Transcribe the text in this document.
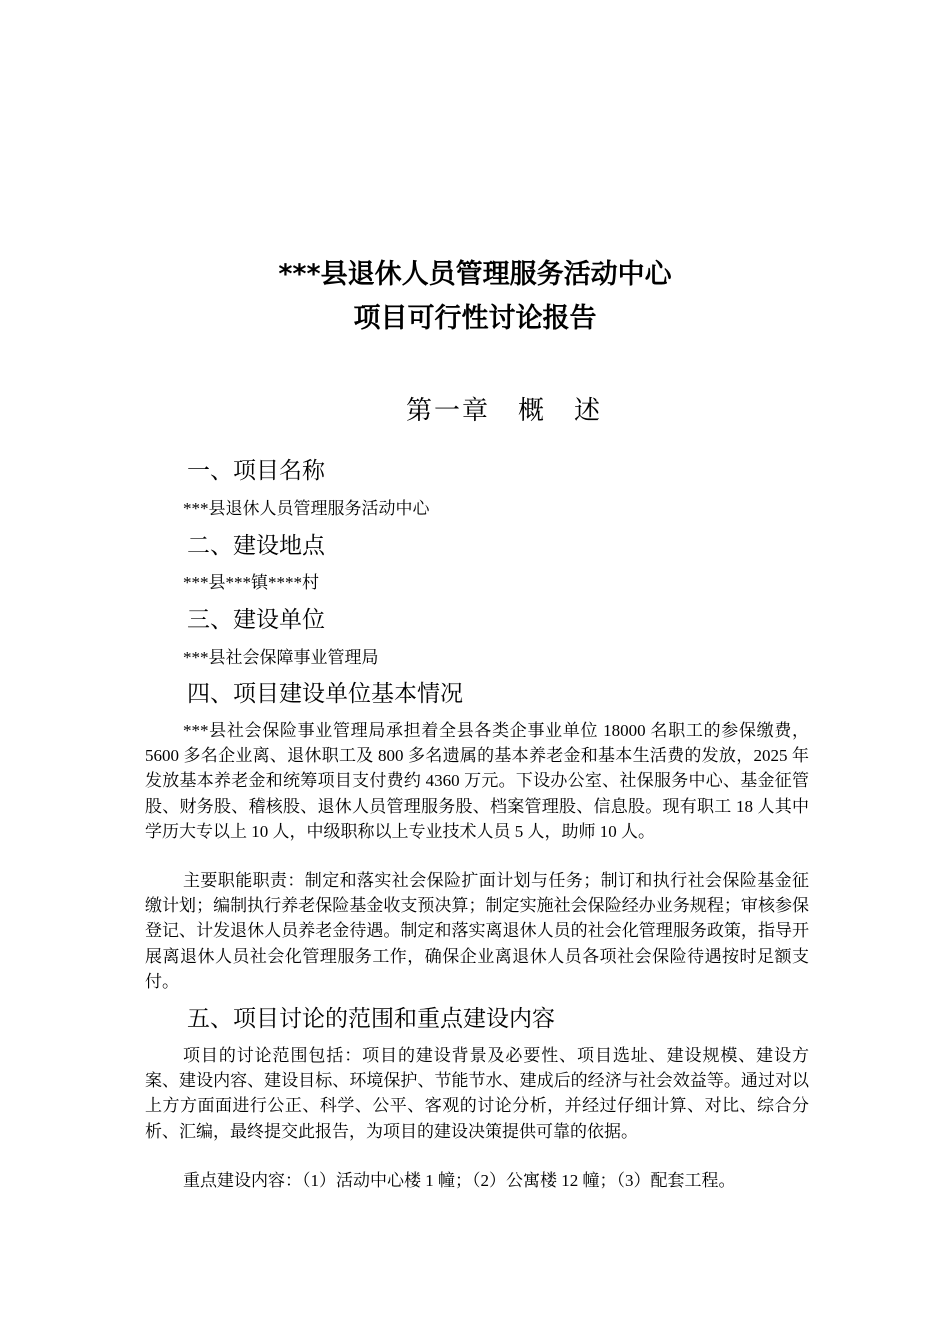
***县退休人员管理服务活动中心
项目可行性讨论报告
第一章　概　述
一、项目名称
***县退休人员管理服务活动中心
二、建设地点
***县***镇****村
三、建设单位
***县社会保障事业管理局
四、项目建设单位基本情况

***县社会保险事业管理局承担着全县各类企事业单位 18000 名职工的参保缴费，5600 多名企业离、退休职工及 800 多名遗属的基本养老金和基本生活费的发放，2025 年发放基本养老金和统筹项目支付费约 4360 万元。下设办公室、社保服务中心、基金征管股、财务股、稽核股、退休人员管理服务股、档案管理股、信息股。现有职工 18 人其中学历大专以上 10 人，中级职称以上专业技术人员 5 人，助师 10 人。

主要职能职责：制定和落实社会保险扩面计划与任务；制订和执行社会保险基金征缴计划；编制执行养老保险基金收支预决算；制定实施社会保险经办业务规程；审核参保登记、计发退休人员养老金待遇。制定和落实离退休人员的社会化管理服务政策，指导开展离退休人员社会化管理服务工作，确保企业离退休人员各项社会保险待遇按时足额支付。

五、项目讨论的范围和重点建设内容

项目的讨论范围包括：项目的建设背景及必要性、项目选址、建设规模、建设方案、建设内容、建设目标、环境保护、节能节水、建成后的经济与社会效益等。通过对以上方方面面进行公正、科学、公平、客观的讨论分析，并经过仔细计算、对比、综合分析、汇编，最终提交此报告，为项目的建设决策提供可靠的依据。

重点建设内容：（1）活动中心楼 1 幢；（2）公寓楼 12 幢；（3）配套工程。
